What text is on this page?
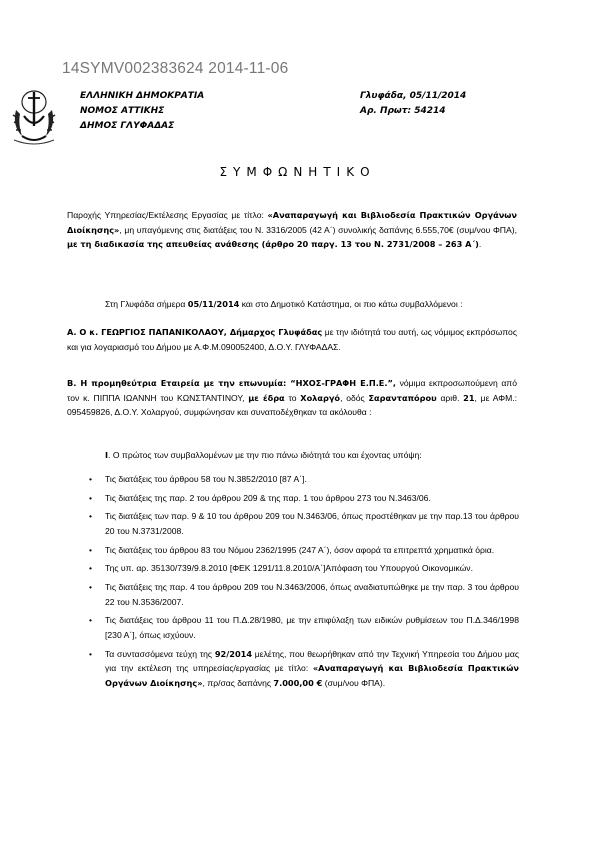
14SYMV002383624 2014-11-06
ΕΛΛΗΝΙΚΗ ΔΗΜΟΚΡΑΤΙΑ
ΝΟΜΟΣ ΑΤΤΙΚΗΣ
ΔΗΜΟΣ ΓΛΥΦΑΔΑΣ
Γλυφάδα, 05/11/2014
Αρ. Πρωτ: 54214
ΣΥΜΦΩΝΗΤΙΚΟ
Παροχής Υπηρεσίας/Εκτέλεσης Εργασίας με τίτλο: «Αναπαραγωγή και Βιβλιοδεσία Πρακτικών Οργάνων Διοίκησης», μη υπαγόμενης στις διατάξεις του Ν. 3316/2005 (42 Α΄) συνολικής δαπάνης 6.555,70€ (συμ/νου ΦΠΑ), με τη διαδικασία της απευθείας ανάθεσης (άρθρο 20 παργ. 13 του Ν. 2731/2008 – 263 Α΄).
Στη Γλυφάδα σήμερα 05/11/2014 και στο Δημοτικό Κατάστημα, οι πιο κάτω συμβαλλόμενοι :
Α. Ο κ. ΓΕΩΡΓΙΟΣ ΠΑΠΑΝΙΚΟΛΑΟΥ, Δήμαρχος Γλυφάδας με την ιδιότητά του αυτή, ως νόμιμος εκπρόσωπος και για λογαριασμό του Δήμου με Α.Φ.Μ.090052400, Δ.Ο.Υ. ΓΛΥΦΑΔΑΣ.
Β. Η προμηθεύτρια Εταιρεία με την επωνυμία: “ΗΧΟΣ-ΓΡΑΦΗ Ε.Π.Ε.”, νόμιμα εκπροσωπούμενη από τον κ. ΠΙΠΠΑ ΙΩΑΝΝΗ του ΚΩΝΣΤΑΝΤΙΝΟΥ, με έδρα το Χολαργό, οδός Σαρανταπόρου αριθ. 21, με ΑΦΜ.: 095459826, Δ.Ο.Υ. Χολαργού, συμφώνησαν και συναποδέχθηκαν τα ακόλουθα :
Ι. Ο πρώτος των συμβαλλομένων με την πιο πάνω ιδιότητά του και έχοντας υπόψη:
• Τις διατάξεις του άρθρου 58 του Ν.3852/2010 [87 Α΄].
• Τις διατάξεις της παρ. 2 του άρθρου 209 & της παρ. 1 του άρθρου 273 του Ν.3463/06.
• Τις διατάξεις των παρ. 9 & 10 του άρθρου 209 του Ν.3463/06, όπως προστέθηκαν με την παρ.13 του άρθρου 20 του Ν.3731/2008.
• Τις διατάξεις του άρθρου 83 του Νόμου 2362/1995 (247 Α΄), όσον αφορά τα επιτρεπτά χρηματικά όρια.
• Της υπ. αρ. 35130/739/9.8.2010 [ΦΕΚ 1291/11.8.2010/Α΄]Απόφαση του Υπουργού Οικονομικών.
• Τις διατάξεις της παρ. 4 του άρθρου 209 του Ν.3463/2006, όπως αναδιατυπώθηκε με την παρ. 3 του άρθρου 22 του Ν.3536/2007.
• Τις διατάξεις του άρθρου 11 του Π.Δ.28/1980, με την επιφύλαξη των ειδικών ρυθμίσεων του Π.Δ.346/1998 [230 Α΄], όπως ισχύουν.
• Τα συντασσόμενα τεύχη της 92/2014 μελέτης, που θεωρήθηκαν από την Τεχνική Υπηρεσία του Δήμου μας για την εκτέλεση της υπηρεσίας/εργασίας με τίτλο: «Αναπαραγωγή και Βιβλιοδεσία Πρακτικών Οργάνων Διοίκησης», πρ/σας δαπάνης 7.000,00 € (συμ/νου ΦΠΑ).
